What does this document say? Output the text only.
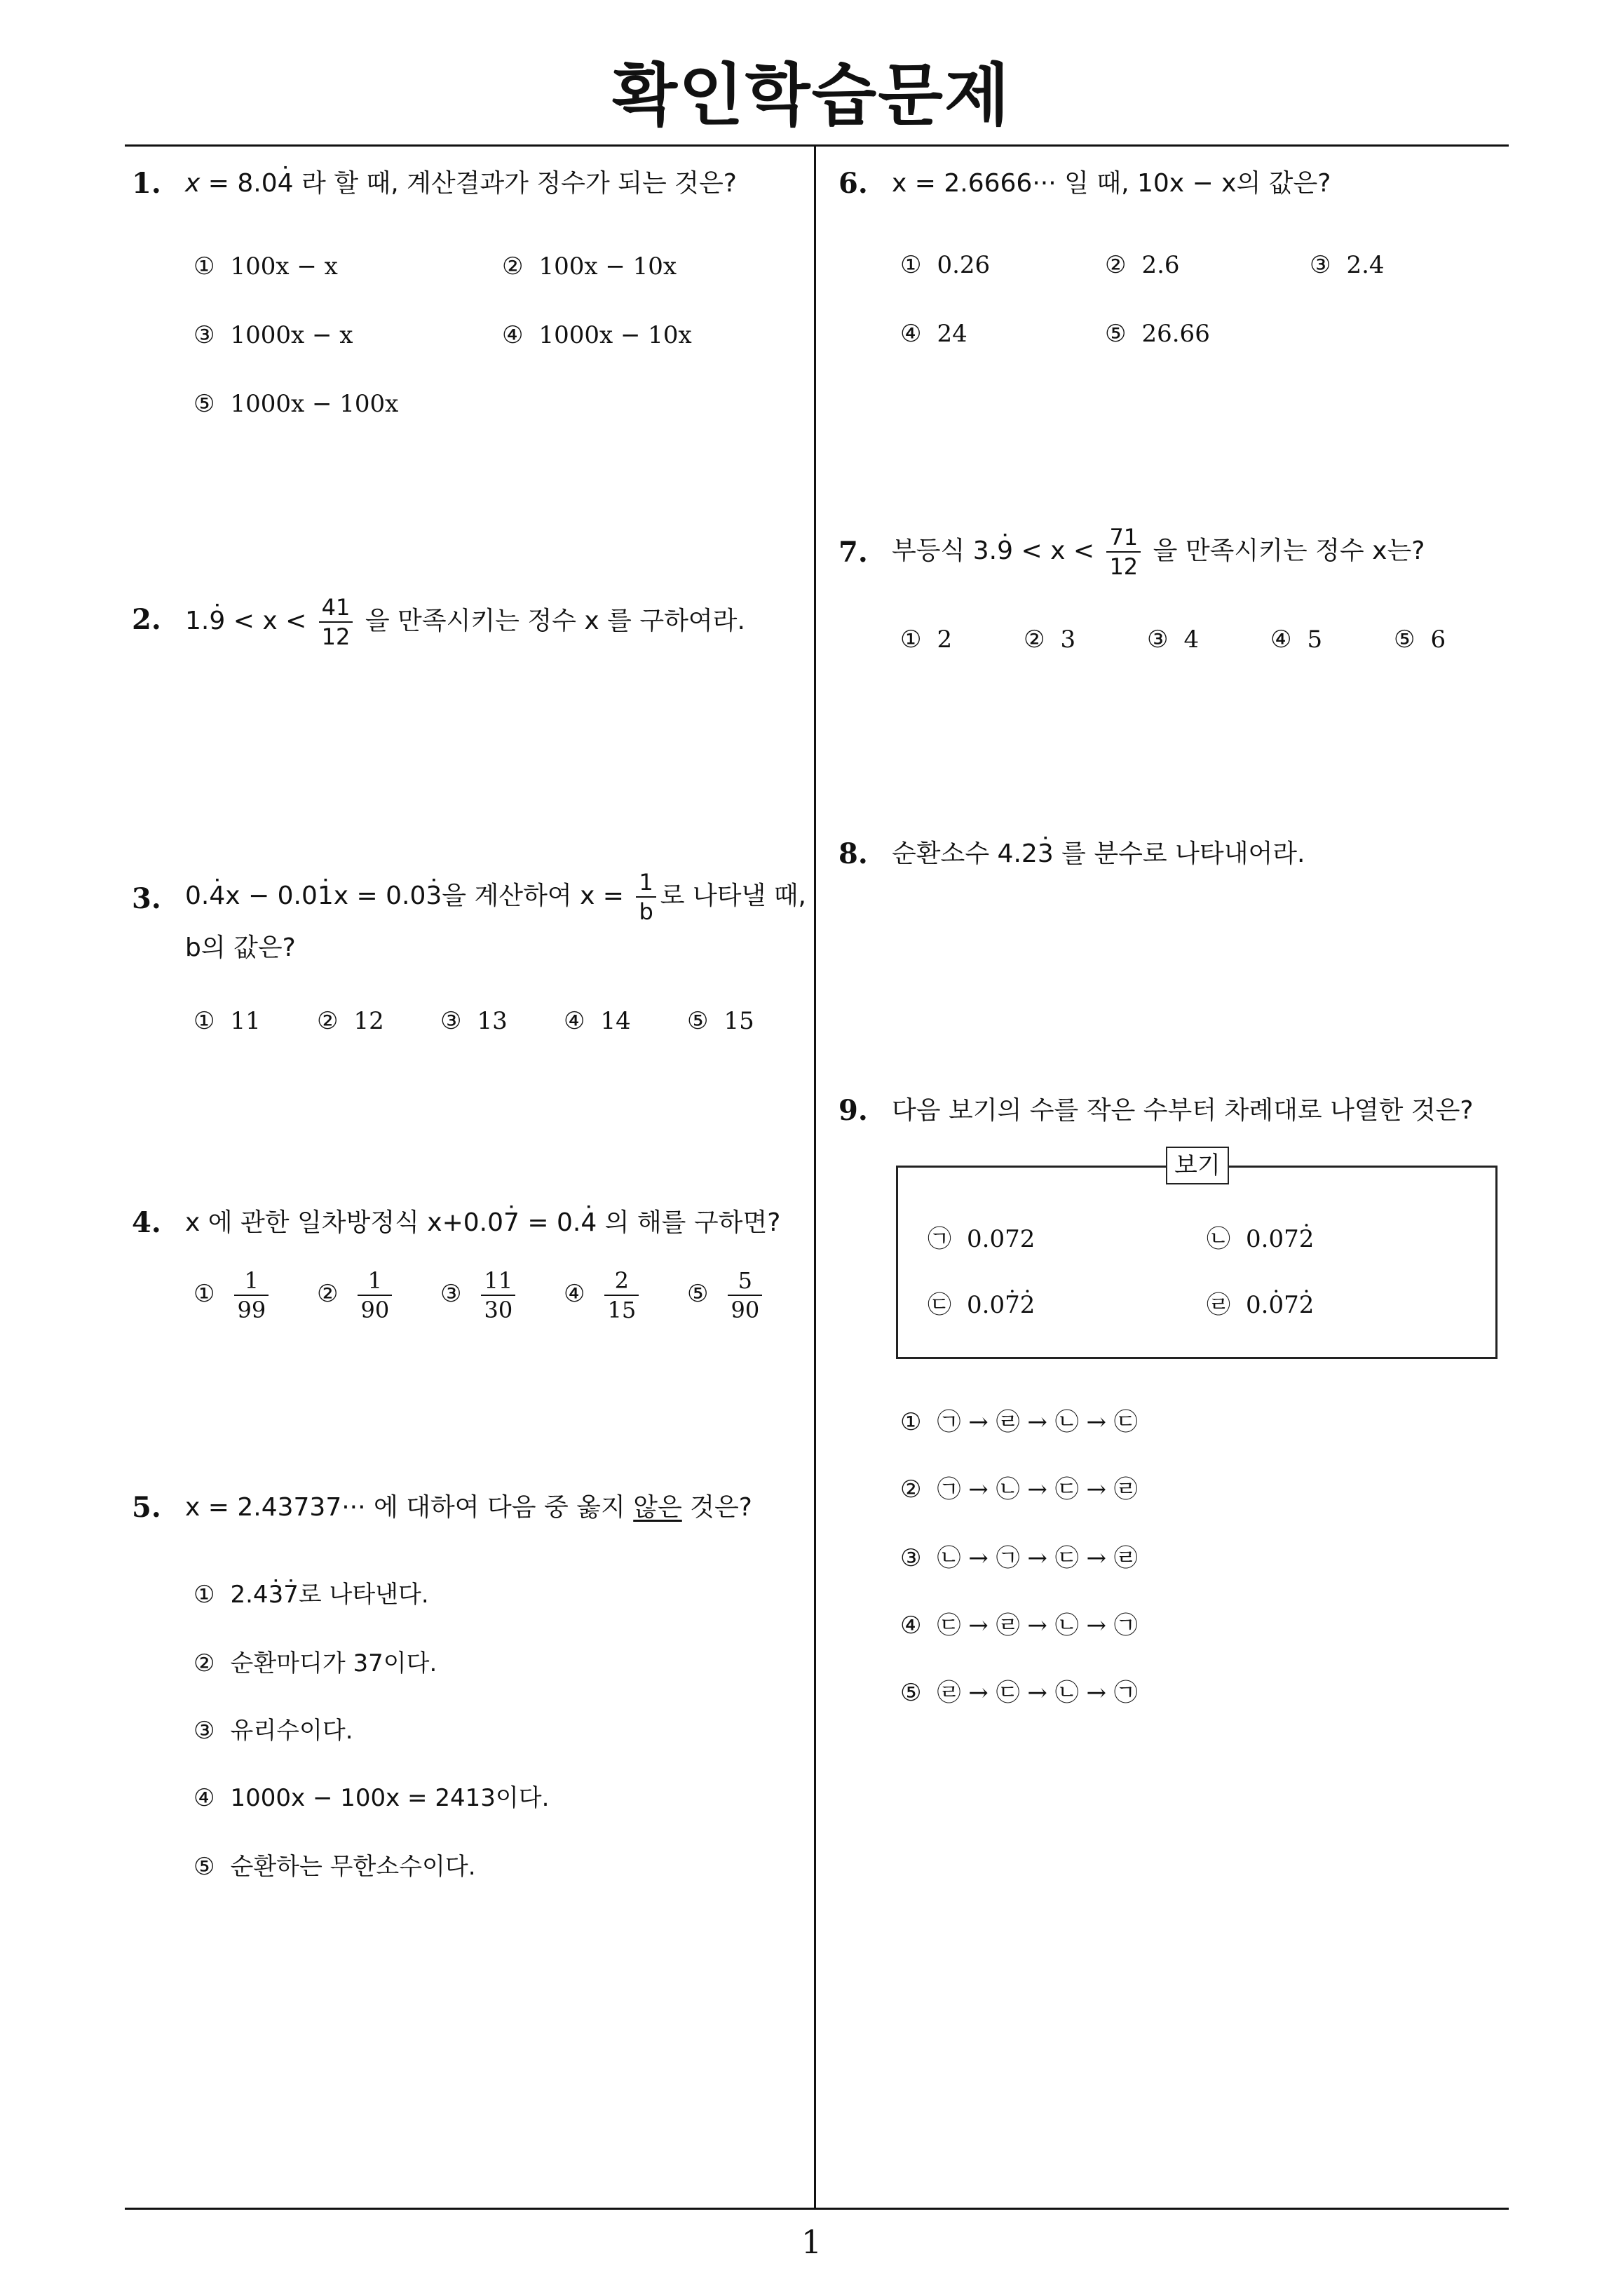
확인학습문제
1
1. x = 8.04 ˙ 라 할 때, 계산결과가 정수가 되는 것은?
① 100x − x	② 100x − 10x
③ 1000x − x	④ 1000x − 10x
⑤ 1000x − 100x
2. 1.9 ˙ < $x < \frac{41}{12}$ 을 만족시키는 정수 x 를 구하여라.
3. 0.4 ˙x − 0.01 ˙x = 0.03 ˙을 계산하여 $x = \frac{1}{b}$ 로 나타낼 때,
b의 값은?
① 11 ② 12 ③ 13 ④ 14 ⑤ 15
4. x 에 관한 일차방정식 x+0.07 ˙ = 0.4 ˙ 의 해를 구하면?
① $\frac{1}{99}$ ② $\frac{1}{90}$ ③ $\frac{11}{30}$ ④ $\frac{2}{15}$ ⑤ $\frac{5}{90}$
5. x = 2.43737··· 에 대하여 다음 중 옳지 않은 것은?
① 2.43 ˙7 ˙로 나타낸다.
② 순환마디가 37이다.
③ 유리수이다.
④ 1000x − 100x = 2413이다.
⑤ 순환하는 무한소수이다.
6. x = 2.6666··· 일 때, 10x − x의 값은?
① 0.26	② 2.6	③ 2.4
④ 24	⑤ 26.66
7. 부등식 3.9 ˙ < $x < \frac{71}{12}$ 을 만족시키는 정수 x는?
① 2	② 3	③ 4	④ 5	⑤ 6
8. 순환소수 4.23 ˙ 를 분수로 나타내어라.
9. 다음 보기의 수를 작은 수부터 차례대로 나열한 것은?
보기
㉠ 0.072	㉡ 0.072 ˙
㉢ 0.07 ˙2 ˙	㉣ 0.0 ˙72 ˙
① ㉠ → ㉣ → ㉡ → ㉢
② ㉠ → ㉡ → ㉢ → ㉣
③ ㉡ → ㉠ → ㉢ → ㉣
④ ㉢ → ㉣ → ㉡ → ㉠
⑤ ㉣ → ㉢ → ㉡ → ㉠
